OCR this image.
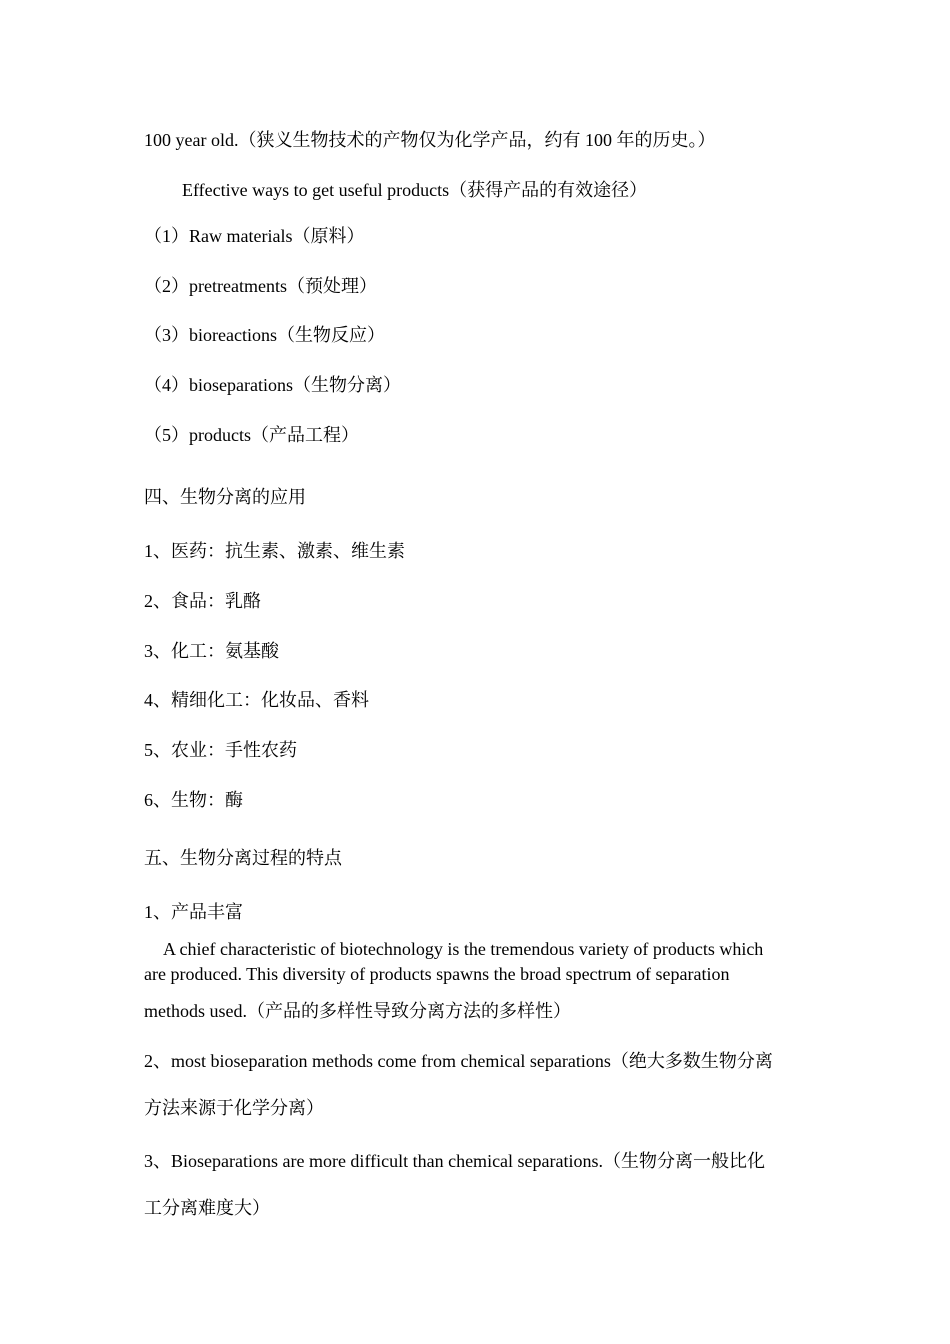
100 year old.（狭义生物技术的产物仅为化学产品，约有 100 年的历史。）
Effective ways to get useful products（获得产品的有效途径）
（1）Raw materials（原料）
（2）pretreatments（预处理）
（3）bioreactions（生物反应）
（4）bioseparations（生物分离）
（5）products（产品工程）
四、生物分离的应用
1、医药：抗生素、激素、维生素
2、食品：乳酪
3、化工：氨基酸
4、精细化工：化妆品、香料
5、农业：手性农药
6、生物：酶
五、生物分离过程的特点
1、产品丰富
A chief characteristic of biotechnology is the tremendous variety of products which
are produced. This diversity of products spawns the broad spectrum of separation
methods used.（产品的多样性导致分离方法的多样性）
2、most bioseparation methods come from chemical separations（绝大多数生物分离
方法来源于化学分离）
3、Bioseparations are more difficult than chemical separations.（生物分离一般比化
工分离难度大）
